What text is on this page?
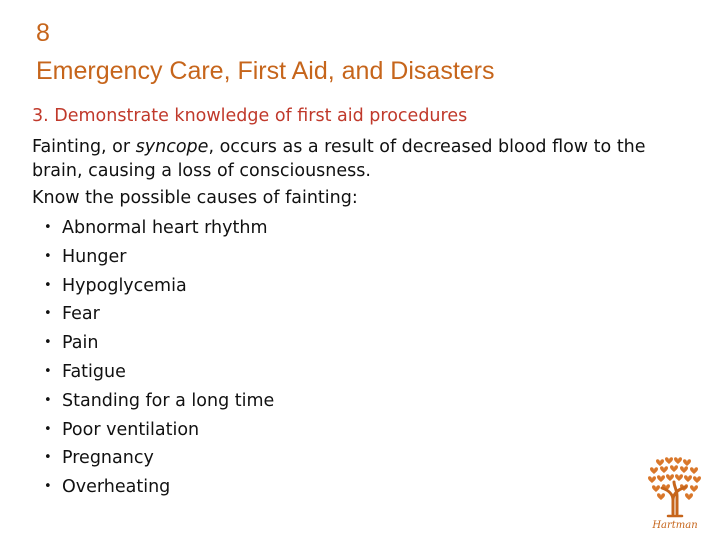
8
Emergency Care, First Aid, and Disasters
3. Demonstrate knowledge of first aid procedures

Fainting, or syncope, occurs as a result of decreased blood flow to the brain, causing a loss of consciousness.

Know the possible causes of fainting:
• Abnormal heart rhythm
• Hunger
• Hypoglycemia
• Fear
• Pain
• Fatigue
• Standing for a long time
• Poor ventilation
• Pregnancy
• Overheating
Hartman
